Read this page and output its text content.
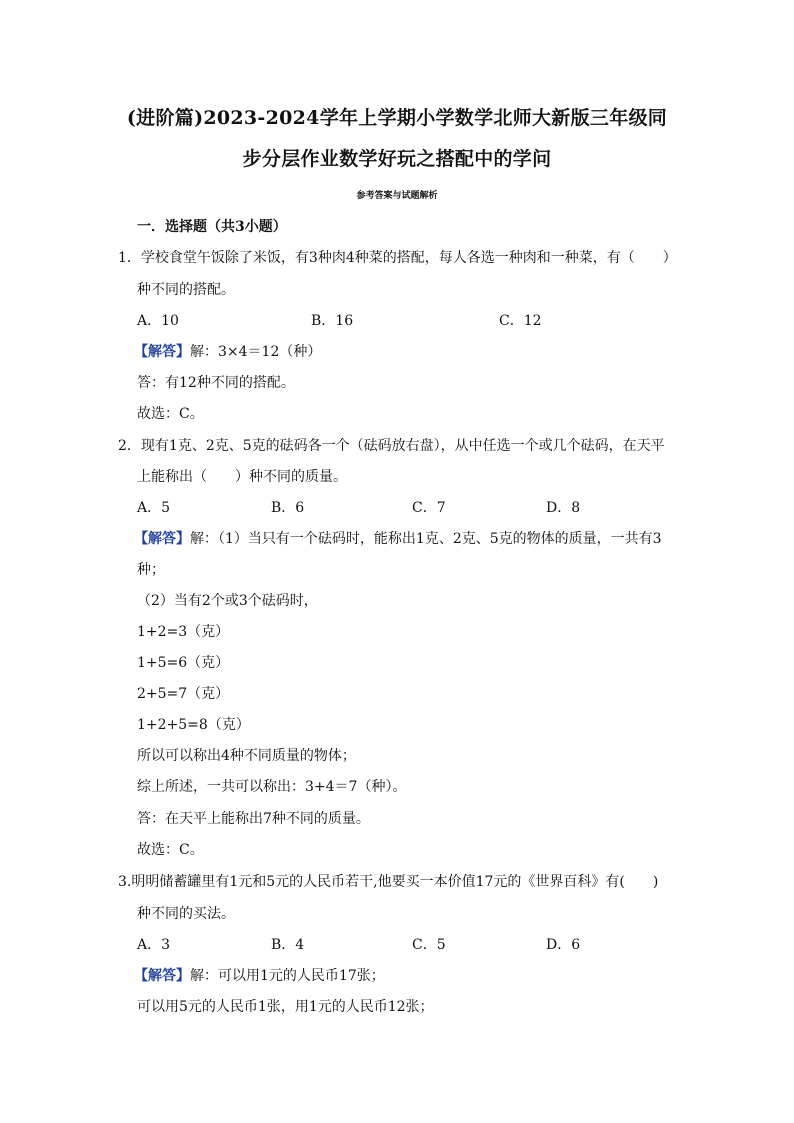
(进阶篇)2023-2024学年上学期小学数学北师大新版三年级同
步分层作业数学好玩之搭配中的学问
参考答案与试题解析
一．选择题（共3小题）
1．学校食堂午饭除了米饭，有3种肉4种菜的搭配，每人各选一种肉和一种菜，有（　　）
种不同的搭配。
A．10	B．16	C．12
【解答】解：3×4＝12（种）
答：有12种不同的搭配。
故选：C。
2．现有1克、2克、5克的砝码各一个（砝码放右盘），从中任选一个或几个砝码，在天平
上能称出（　　）种不同的质量。
A．5	B．6	C．7	D．8
【解答】解：（1）当只有一个砝码时，能称出1克、2克、5克的物体的质量，一共有3
种；
（2）当有2个或3个砝码时，
1+2=3（克）
1+5=6（克）
2+5=7（克）
1+2+5=8（克）
所以可以称出4种不同质量的物体；
综上所述，一共可以称出：3+4＝7（种）。
答：在天平上能称出7种不同的质量。
故选：C。
3.明明储蓄罐里有1元和5元的人民币若干,他要买一本价值17元的《世界百科》有(　　)
种不同的买法。
A．3	B．4	C．5	D．6
【解答】解：可以用1元的人民币17张；
可以用5元的人民币1张，用1元的人民币12张；
